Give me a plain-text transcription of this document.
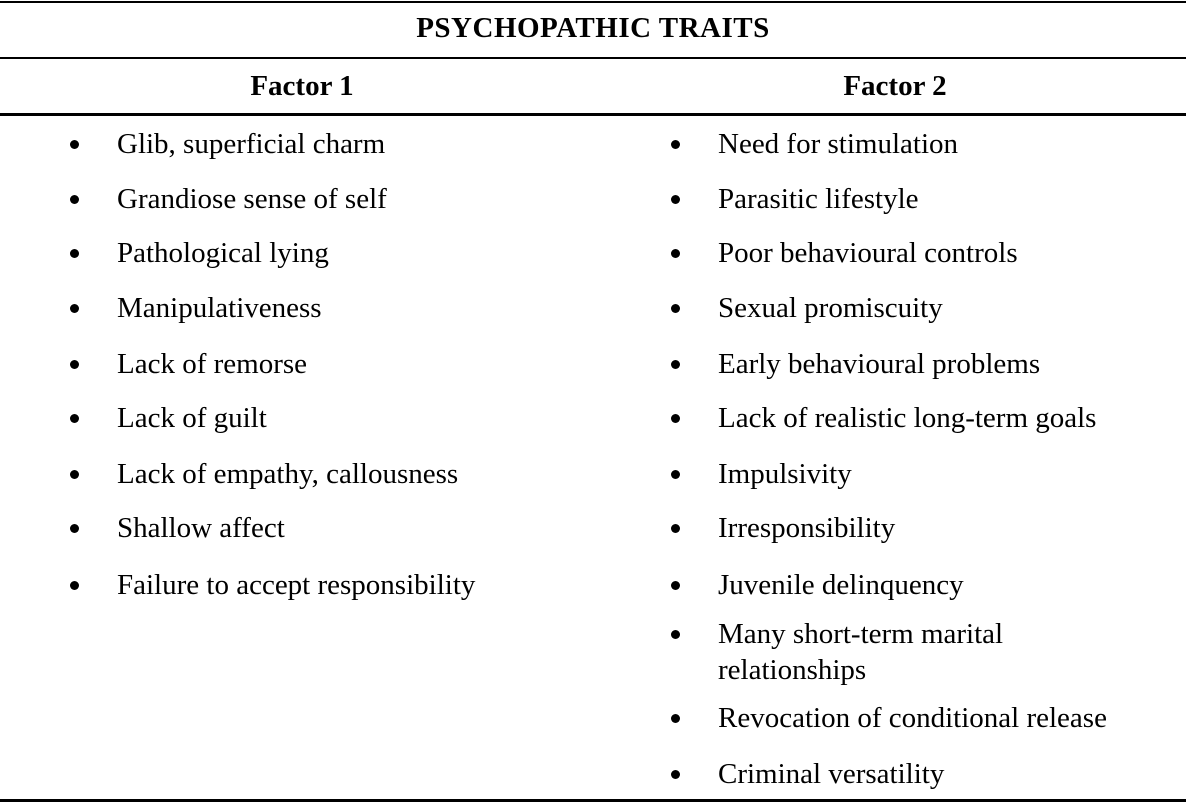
PSYCHOPATHIC TRAITS
Factor 1	Factor 2
Glib, superficial charm
Grandiose sense of self
Pathological lying
Manipulativeness
Lack of remorse
Lack of guilt
Lack of empathy, callousness
Shallow affect
Failure to accept responsibility
Need for stimulation
Parasitic lifestyle
Poor behavioural controls
Sexual promiscuity
Early behavioural problems
Lack of realistic long-term goals
Impulsivity
Irresponsibility
Juvenile delinquency
Many short-term marital relationships
Revocation of conditional release
Criminal versatility
